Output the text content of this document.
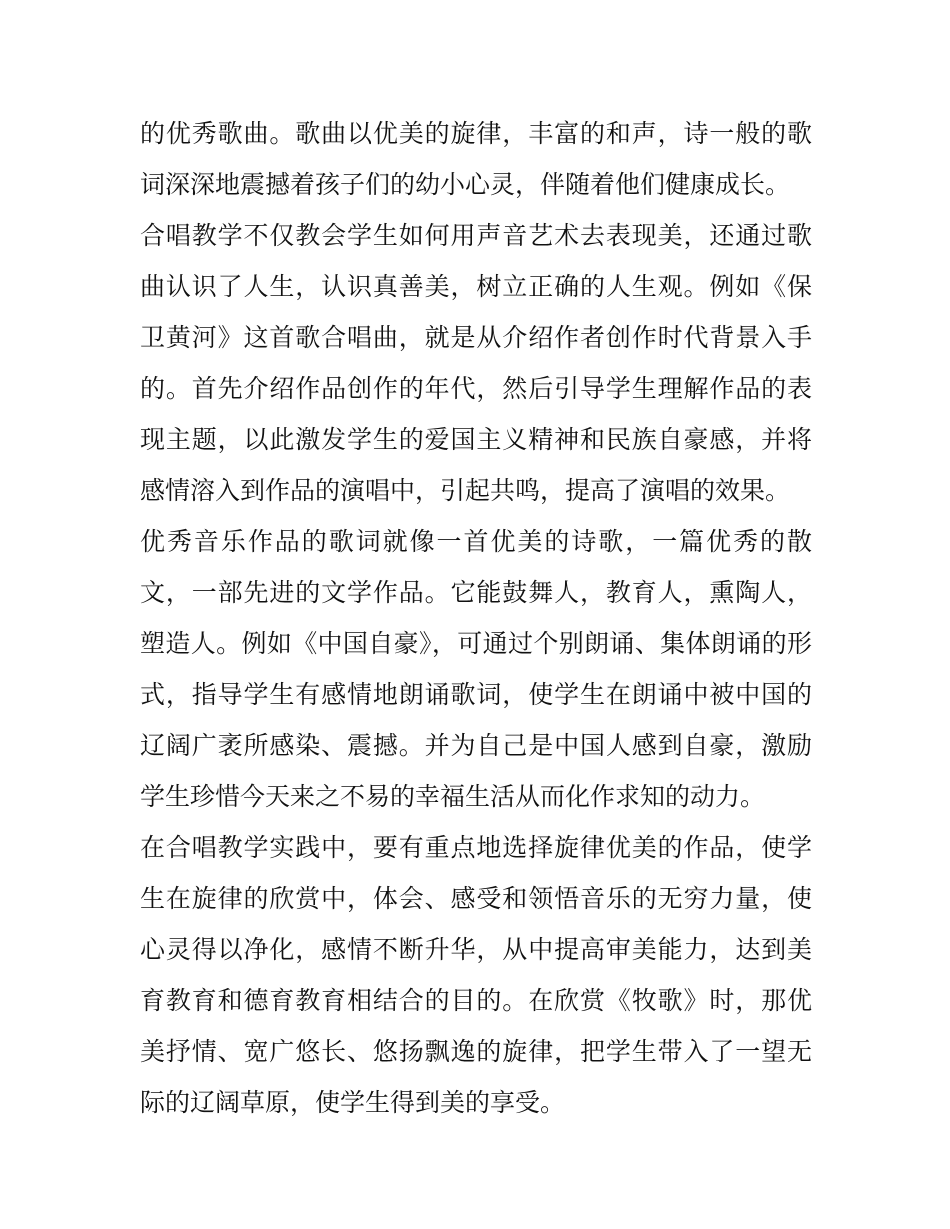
的优秀歌曲。歌曲以优美的旋律，丰富的和声，诗一般的歌词深深地震撼着孩子们的幼小心灵，伴随着他们健康成长。

合唱教学不仅教会学生如何用声音艺术去表现美，还通过歌曲认识了人生，认识真善美，树立正确的人生观。例如《保卫黄河》这首歌合唱曲，就是从介绍作者创作时代背景入手的。首先介绍作品创作的年代，然后引导学生理解作品的表现主题，以此激发学生的爱国主义精神和民族自豪感，并将感情溶入到作品的演唱中，引起共鸣，提高了演唱的效果。

优秀音乐作品的歌词就像一首优美的诗歌，一篇优秀的散文，一部先进的文学作品。它能鼓舞人，教育人，熏陶人，塑造人。例如《中国自豪》，可通过个别朗诵、集体朗诵的形式，指导学生有感情地朗诵歌词，使学生在朗诵中被中国的辽阔广袤所感染、震撼。并为自己是中国人感到自豪，激励学生珍惜今天来之不易的幸福生活从而化作求知的动力。

在合唱教学实践中，要有重点地选择旋律优美的作品，使学生在旋律的欣赏中，体会、感受和领悟音乐的无穷力量，使心灵得以净化，感情不断升华，从中提高审美能力，达到美育教育和德育教育相结合的目的。在欣赏《牧歌》时，那优美抒情、宽广悠长、悠扬飘逸的旋律，把学生带入了一望无际的辽阔草原，使学生得到美的享受。
